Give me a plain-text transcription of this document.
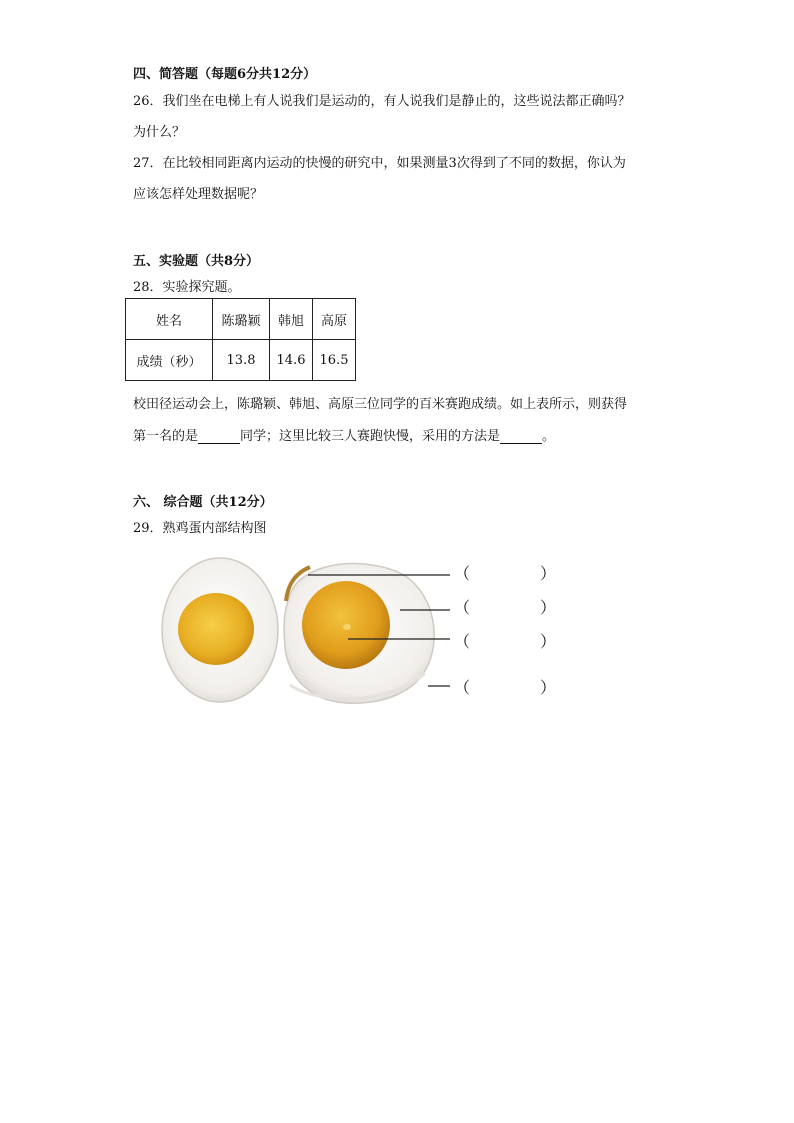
四、简答题（每题6分共12分）
26．我们坐在电梯上有人说我们是运动的，有人说我们是静止的，这些说法都正确吗？
为什么？
27．在比较相同距离内运动的快慢的研究中，如果测量3次得到了不同的数据，你认为
应该怎样处理数据呢？
五、实验题（共8分）
28．实验探究题。
姓名	陈璐颖	韩旭	高原
成绩（秒）	13.8	14.6	16.5
校田径运动会上，陈璐颖、韩旭、高原三位同学的百米赛跑成绩。如上表所示，则获得
第一名的是	同学；这里比较三人赛跑快慢，采用的方法是	。
六、 综合题（共12分）
29．熟鸡蛋内部结构图
（	）
（	）
（	）
（	）
